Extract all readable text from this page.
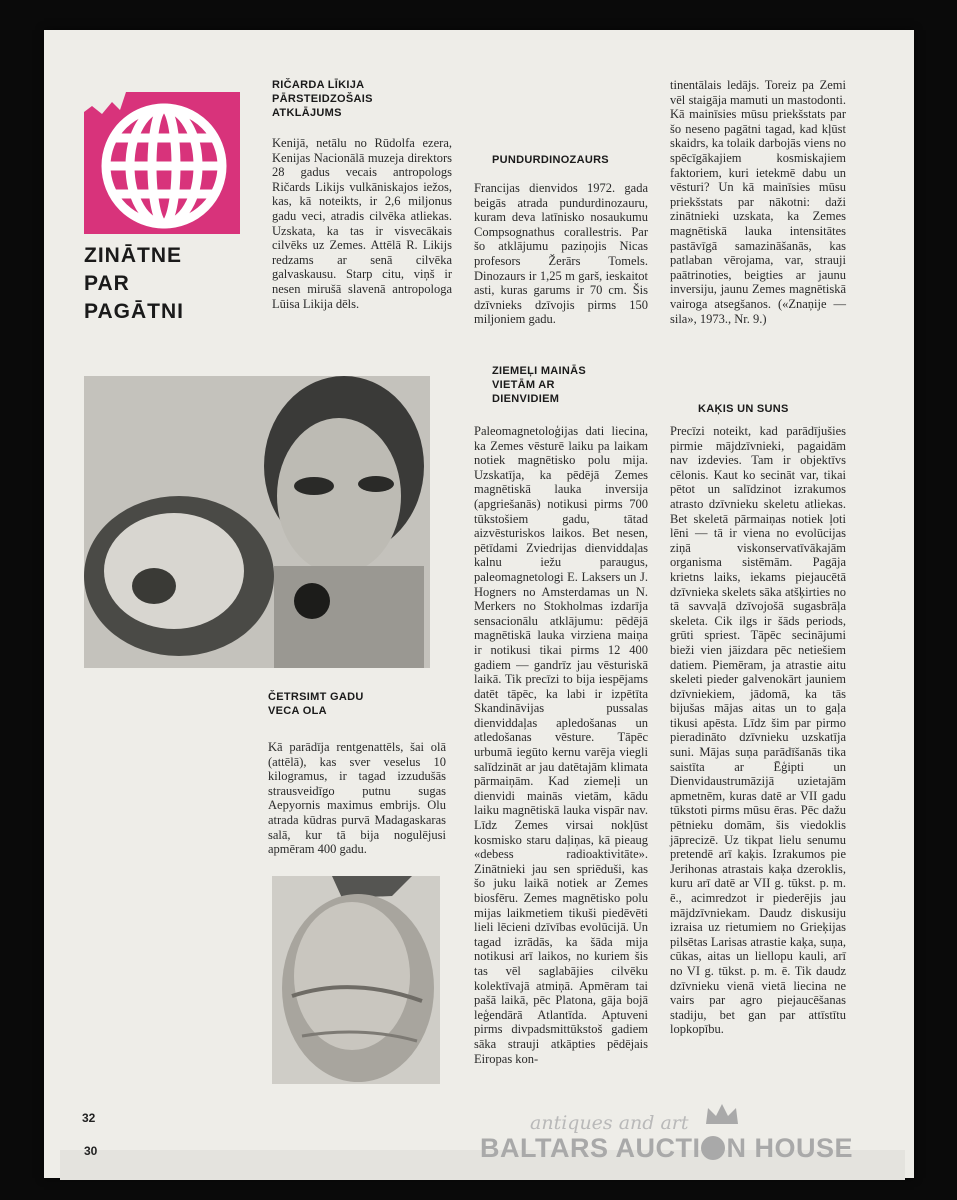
ZINĀTNE
PAR
PAGĀTNI
RIČARDA LĪKIJA
PĀRSTEIDZOŠAIS
ATKLĀJUMS

Kenijā, netālu no Rūdolfa ezera, Kenijas Nacionālā muzeja direktors 28 gadus vecais antropologs Ričards Likijs vulkāniskajos iežos, kas, kā noteikts, ir 2,6 miljonus gadu veci, atradis cilvēka atliekas. Uzskata, ka tas ir visvecākais cilvēks uz Zemes. Attēlā R. Likijs redzams ar senā cilvēka galvaskausu. Starp citu, viņš ir nesen mirušā slavenā antropologa Lūisa Likija dēls.

ČETRSIMT GADU
VECA OLA

Kā parādīja rentgenattēls, šai olā (attēlā), kas sver veselus 10 kilogramus, ir tagad izzudušās strausveidīgo putnu sugas Aepyornis maximus embrijs. Olu atrada kūdras purvā Madagaskaras salā, kur tā bija nogulējusi apmēram 400 gadu.

PUNDURDINOZAURS

Francijas dienvidos 1972. gada beigās atrada pundurdinozauru, kuram deva latīnisko nosaukumu Compsognathus corallestris. Par šo atklājumu paziņojis Nicas profesors Žerārs Tomels. Dinozaurs ir 1,25 m garš, ieskaitot asti, kuras garums ir 70 cm. Šis dzīvnieks dzīvojis pirms 150 miljoniem gadu.

ZIEMEĻI MAINĀS
VIETĀM AR
DIENVIDIEM

Paleomagnetoloģijas dati liecina, ka Zemes vēsturē laiku pa laikam notiek magnētisko polu mija. Uzskatīja, ka pēdējā Zemes magnētiskā lauka inversija (apgriešanās) notikusi pirms 700 tūkstošiem gadu, tātad aizvēsturiskos laikos. Bet nesen, pētīdami Zviedrijas dienviddaļas kalnu iežu paraugus, paleomagnetologi E. Laksers un J. Hogners no Amsterdamas un N. Merkers no Stokholmas izdarīja sensacionālu atklājumu: pēdējā magnētiskā lauka virziena maiņa ir notikusi tikai pirms 12 400 gadiem — gandrīz jau vēsturiskā laikā. Tik precīzi to bija iespējams datēt tāpēc, ka labi ir izpētīta Skandināvijas pussalas dienviddaļas apledošanas un atledošanas vēsture. Tāpēc urbumā iegūto kernu varēja viegli salīdzināt ar jau datētajām klimata pārmaiņām. Kad ziemeļi un dienvidi mainās vietām, kādu laiku magnētiskā lauka vispār nav. Līdz Zemes virsai nokļūst kosmisko staru daļiņas, kā pieaug «debess radioaktivitāte». Zinātnieki jau sen spriēduši, kas šo juku laikā notiek ar Zemes biosfēru. Zemes magnētisko polu mijas laikmetiem tikuši piedēvēti lieli lēcieni dzīvības evolūcijā. Un tagad izrādās, ka šāda mija notikusi arī laikos, no kuriem šis tas vēl saglabājies cilvēku kolektīvajā atmiņā. Apmēram tai pašā laikā, pēc Platona, gāja bojā leģendārā Atlantīda. Aptuveni pirms divpadsmittūkstoš gadiem sāka strauji atkāpties pēdējais Eiropas kon-

tinentālais ledājs. Toreiz pa Zemi vēl staigāja mamuti un mastodonti. Kā mainīsies mūsu priekšstats par šo neseno pagātni tagad, kad kļūst skaidrs, ka tolaik darbojās viens no spēcīgākajiem kosmiskajiem faktoriem, kuri ietekmē dabu un vēsturi? Un kā mainīsies mūsu priekšstats par nākotni: daži zinātnieki uzskata, ka Zemes magnētiskā lauka intensitātes pastāvīgā samazināšanās, kas patlaban vērojama, var, strauji paātrinoties, beigties ar jaunu inversiju, jaunu Zemes magnētiskā vairoga atsegšanos. («Znaņije — sila», 1973., Nr. 9.)

KAĶIS UN SUNS

Precīzi noteikt, kad parādījušies pirmie mājdzīvnieki, pagaidām nav izdevies. Tam ir objektīvs cēlonis. Kaut ko secināt var, tikai pētot un salīdzinot izrakumos atrasto dzīvnieku skeletu atliekas. Bet skeletā pārmaiņas notiek ļoti lēni — tā ir viena no evolūcijas ziņā viskonservatīvākajām organisma sistēmām. Pagāja krietns laiks, iekams piejaucētā dzīvnieka skelets sāka atšķirties no tā savvaļā dzīvojošā sugasbrāļa skeleta. Cik ilgs ir šāds periods, grūti spriest. Tāpēc secinājumi bieži vien jāizdara pēc netiešiem datiem. Piemēram, ja atrastie aitu skeleti pieder galvenokārt jauniem dzīvniekiem, jādomā, ka tās bijušas mājas aitas un to gaļa tikusi apēsta. Līdz šim par pirmo pieradināto dzīvnieku uzskatīja suni. Mājas suņa parādīšanās tika saistīta ar Ēģipti un Dienvidaustrumāzijā uzietajām apmetnēm, kuras datē ar VII gadu tūkstoti pirms mūsu ēras. Pēc dažu pētnieku domām, šis viedoklis jāprecizē. Uz tikpat lielu senumu pretendē arī kaķis. Izrakumos pie Jerihonas atrastais kaķa dzeroklis, kuru arī datē ar VII g. tūkst. p. m. ē., acimredzot ir piederējis jau mājdzīvniekam. Daudz diskusiju izraisa uz rietumiem no Grieķijas pilsētas Larisas atrastie kaķa, suņa, cūkas, aitas un liellopu kauli, arī no VI g. tūkst. p. m. ē. Tik daudz dzīvnieku vienā vietā liecina ne vairs par agro piejaucēšanas stadiju, bet gan par attīstītu lopkopību.

32
30
antiques and art
BALTARS AUCTI N HOUSE
